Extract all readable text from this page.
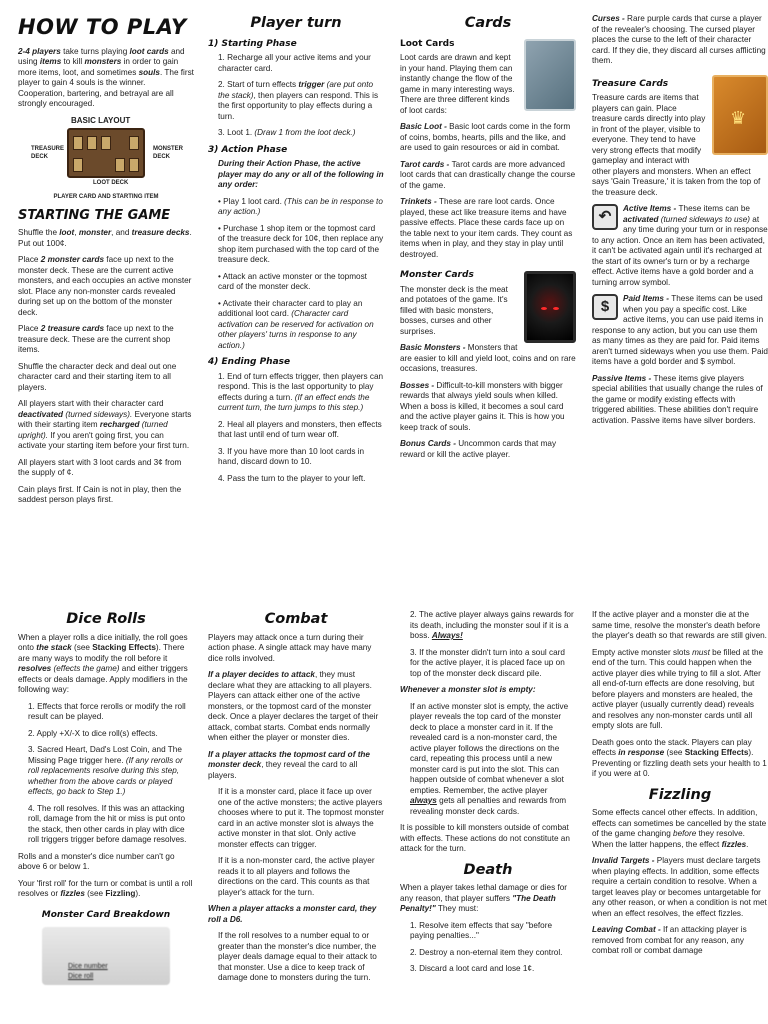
HOW TO PLAY

2-4 players take turns playing loot cards and using items to kill monsters in order to gain more items, loot, and sometimes souls. The first player to gain 4 souls is the winner. Cooperation, bartering, and betrayal are all strongly encouraged.

BASIC LAYOUT
TREASURE DECK
MONSTER DECK
LOOT DECK
PLAYER CARD AND STARTING ITEM
STARTING THE GAME

Shuffle the loot, monster, and treasure decks. Put out 100¢.

Place 2 monster cards face up next to the monster deck. These are the current active monsters, and each occupies an active monster slot. Place any non-monster cards revealed during set up on the bottom of the monster deck.

Place 2 treasure cards face up next to the treasure deck. These are the current shop items.

Shuffle the character deck and deal out one character card and their starting item to all players.

All players start with their character card deactivated (turned sideways). Everyone starts with their starting item recharged (turned upright). If you aren't going first, you can activate your starting item before your first turn.

All players start with 3 loot cards and 3¢ from the supply of ¢.

Cain plays first. If Cain is not in play, then the saddest person plays first.

Player turn
1) Starting Phase

1. Recharge all your active items and your character card.

2. Start of turn effects trigger (are put onto the stack), then players can respond. This is the first opportunity to play effects during a turn.

3. Loot 1. (Draw 1 from the loot deck.)

3) Action Phase

During their Action Phase, the active player may do any or all of the following in any order:

• Play 1 loot card. (This can be in response to any action.)

• Purchase 1 shop item or the topmost card of the treasure deck for 10¢, then replace any shop item purchased with the top card of the treasure deck.

• Attack an active monster or the topmost card of the monster deck.

• Activate their character card to play an additional loot card. (Character card activation can be reserved for activation on other players' turns in response to any action.)

4) Ending Phase

1. End of turn effects trigger, then players can respond. This is the last opportunity to play effects during a turn. (If an effect ends the current turn, the turn jumps to this step.)

2. Heal all players and monsters, then effects that last until end of turn wear off.

3. If you have more than 10 loot cards in hand, discard down to 10.

4. Pass the turn to the player to your left.

Cards
Loot Cards

Loot cards are drawn and kept in your hand. Playing them can instantly change the flow of the game in many interesting ways. There are three different kinds of loot cards:

Basic Loot - Basic loot cards come in the form of coins, bombs, hearts, pills and the like, and are used to gain resources or aid in combat.

Tarot cards - Tarot cards are more advanced loot cards that can drastically change the course of the game.

Trinkets - These are rare loot cards. Once played, these act like treasure items and have passive effects. Place these cards face up on the table next to your item cards. They count as items when in play, and they stay in play until destroyed.

Monster Cards

The monster deck is the meat and potatoes of the game. It's filled with basic monsters, bosses, curses and other surprises.

Basic Monsters - Monsters that are easier to kill and yield loot, coins and on rare occasions, treasures.

Bosses - Difficult-to-kill monsters with bigger rewards that always yield souls when killed. When a boss is killed, it becomes a soul card and the active player gains it. This is how you keep track of souls.

Bonus Cards - Uncommon cards that may reward or kill the active player.

Curses - Rare purple cards that curse a player of the revealer's choosing. The cursed player places the curse to the left of their character card. If they die, they discard all curses afflicting them.

♛
Treasure Cards

Treasure cards are items that players can gain. Place treasure cards directly into play in front of the player, visible to everyone. They tend to have very strong effects that modify gameplay and interact with other players and monsters. When an effect says 'Gain Treasure,' it is taken from the top of the treasure deck.

↶	Active Items - These items can be activated (turned sideways to use) at any time during your turn or in response to any action. Once an item has been activated, it can't be activated again until it's recharged at the start of its owner's turn or by a recharge effect. Active items have a gold border and a turning arrow symbol.

$	Paid Items - These items can be used when you pay a specific cost. Like active items, you can use paid items in response to any action, but you can use them as many times as they are paid for. Paid items aren't turned sideways when you use them. Paid items have a gold border and $ symbol.

Passive Items - These items give players special abilities that usually change the rules of the game or modify existing effects with triggered abilities. These abilities don't require activation. Passive items have silver borders.

Dice Rolls

When a player rolls a dice initially, the roll goes onto the stack (see Stacking Effects). There are many ways to modify the roll before it resolves (effects the game) and either triggers effects or deals damage. Apply modifiers in the following way:

1. Effects that force rerolls or modify the roll result can be played.

2. Apply +X/-X to dice roll(s) effects.

3. Sacred Heart, Dad's Lost Coin, and The Missing Page trigger here. (If any rerolls or roll replacements resolve during this step, whether from the above cards or played effects, go back to Step 1.)

4. The roll resolves. If this was an attacking roll, damage from the hit or miss is put onto the stack, then other cards in play with dice roll triggers trigger before damage resolves.

Rolls and a monster's dice number can't go above 6 or below 1.

Your 'first roll' for the turn or combat is until a roll resolves or fizzles (see Fizzling).

Monster Card Breakdown
Dice number
Dice roll
Combat

Players may attack once a turn during their action phase. A single attack may have many dice rolls involved.

If a player decides to attack, they must declare what they are attacking to all players. Players can attack either one of the active monsters, or the topmost card of the monster deck. Once a player declares the target of their attack, combat starts. Combat ends normally when either the player or monster dies.

If a player attacks the topmost card of the monster deck, they reveal the card to all players.

If it is a monster card, place it face up over one of the active monsters; the active players chooses where to put it. The topmost monster card in an active monster slot is always the active monster in that slot. Only active monster effects can trigger.

If it is a non-monster card, the active player reads it to all players and follows the directions on the card. This counts as that player's attack for the turn.

When a player attacks a monster card, they roll a D6.

If the roll resolves to a number equal to or greater than the monster's dice number, the player deals damage equal to their attack to that monster. Use a dice to keep track of damage done to monsters during the turn.

2. The active player always gains rewards for its death, including the monster soul if it is a boss. Always!

3. If the monster didn't turn into a soul card for the active player, it is placed face up on top of the monster deck discard pile.

Whenever a monster slot is empty:

If an active monster slot is empty, the active player reveals the top card of the monster deck to place a monster card in it. If the revealed card is a non-monster card, the active player follows the directions on the card, repeating this process until a new monster card is put into the slot. This can happen outside of combat whenever a slot empties. Remember, the active player always gets all penalties and rewards from revealing monster deck cards.

It is possible to kill monsters outside of combat with effects. These actions do not constitute an attack for the turn.

Death

When a player takes lethal damage or dies for any reason, that player suffers "The Death Penalty!" They must:

1. Resolve item effects that say "before paying penalties..."

2. Destroy a non-eternal item they control.

3. Discard a loot card and lose 1¢.

If the active player and a monster die at the same time, resolve the monster's death before the player's death so that rewards are still given.

Empty active monster slots must be filled at the end of the turn. This could happen when the active player dies while trying to fill a slot. After all end-of-turn effects are done resolving, but before players and monsters are healed, the active player (usually currently dead) reveals and resolves any non-monster cards until all empty slots are full.

Death goes onto the stack. Players can play effects in response (see Stacking Effects). Preventing or fizzling death sets your health to 1 if you were at 0.

Fizzling

Some effects cancel other effects. In addition, effects can sometimes be cancelled by the state of the game changing before they resolve. When the latter happens, the effect fizzles.

Invalid Targets - Players must declare targets when playing effects. In addition, some effects require a certain condition to resolve. When a target leaves play or becomes untargetable for any other reason, or when a condition is not met when an effect resolves, the effect fizzles.

Leaving Combat - If an attacking player is removed from combat for any reason, any combat roll or combat damage
